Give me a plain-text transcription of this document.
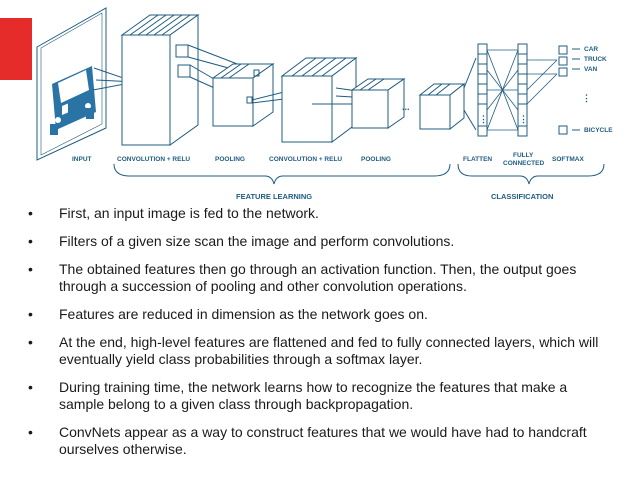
INPUT	CONVOLUTION + RELU	POOLING	CONVOLUTION + RELU	POOLING	FLATTEN
FULLY
CONNECTED
SOFTMAX
CAR
TRUCK
VAN
BICYCLE
FEATURE LEARNING	CLASSIFICATION
...
⋮	⋮
⋮
• First, an input image is fed to the network.
• Filters of a given size scan the image and perform convolutions.
• The obtained features then go through an activation function. Then, the output goes through a succession of pooling and other convolution operations.
• Features are reduced in dimension as the network goes on.
• At the end, high-level features are flattened and fed to fully connected layers, which will eventually yield class probabilities through a softmax layer.
• During training time, the network learns how to recognize the features that make a sample belong to a given class through backpropagation.
• ConvNets appear as a way to construct features that we would have had to handcraft ourselves otherwise.
